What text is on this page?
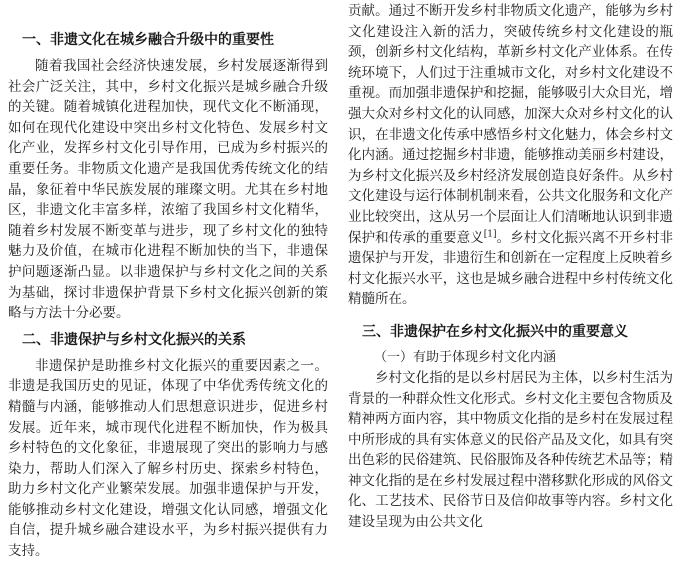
一、非遗文化在城乡融合升级中的重要性

随着我国社会经济快速发展，乡村发展逐渐得到社会广泛关注，其中，乡村文化振兴是城乡融合升级的关键。随着城镇化进程加快，现代文化不断涌现，如何在现代化建设中突出乡村文化特色、发展乡村文化产业，发挥乡村文化引导作用，已成为乡村振兴的重要任务。非物质文化遗产是我国优秀传统文化的结晶，象征着中华民族发展的璀璨文明。尤其在乡村地区，非遗文化丰富多样，浓缩了我国乡村文化精华，随着乡村发展不断变革与进步，现了乡村文化的独特魅力及价值，在城市化进程不断加快的当下，非遗保护问题逐渐凸显。以非遗保护与乡村文化之间的关系为基础，探讨非遗保护背景下乡村文化振兴创新的策略与方法十分必要。

二、非遗保护与乡村文化振兴的关系

非遗保护是助推乡村文化振兴的重要因素之一。非遗是我国历史的见证，体现了中华优秀传统文化的精髓与内涵，能够推动人们思想意识进步，促进乡村发展。近年来，城市现代化进程不断加快，作为极具乡村特色的文化象征，非遗展现了突出的影响力与感染力，帮助人们深入了解乡村历史、探索乡村特色，助力乡村文化产业繁荣发展。加强非遗保护与开发，能够推动乡村文化建设，增强文化认同感，增强文化自信，提升城乡融合建设水平，为乡村振兴提供有力支持。

贡献。通过不断开发乡村非物质文化遗产，能够为乡村文化建设注入新的活力，突破传统乡村文化建设的瓶颈，创新乡村文化结构，革新乡村文化产业体系。在传统环境下，人们过于注重城市文化，对乡村文化建设不重视。而加强非遗保护和挖掘，能够吸引大众目光，增强大众对乡村文化的认同感，加深大众对乡村文化的认识，在非遗文化传承中感悟乡村文化魅力，体会乡村文化内涵。通过挖掘乡村非遗，能够推动美丽乡村建设，为乡村文化振兴及乡村经济发展创造良好条件。从乡村文化建设与运行体制机制来看，公共文化服务和文化产业比较突出，这从另一个层面让人们清晰地认识到非遗保护和传承的重要意义[1]。乡村文化振兴离不开乡村非遗保护与开发，非遗衍生和创新在一定程度上反映着乡村文化振兴水平，这也是城乡融合进程中乡村传统文化精髓所在。

三、非遗保护在乡村文化振兴中的重要意义
（一）有助于体现乡村文化内涵

乡村文化指的是以乡村居民为主体，以乡村生活为背景的一种群众性文化形式。乡村文化主要包含物质及精神两方面内容，其中物质文化指的是乡村在发展过程中所形成的具有实体意义的民俗产品及文化，如具有突出色彩的民俗建筑、民俗服饰及各种传统艺术品等；精神文化指的是在乡村发展过程中潜移默化形成的风俗文化、工艺技术、民俗节日及信仰故事等内容。乡村文化建设呈现为由公共文化
